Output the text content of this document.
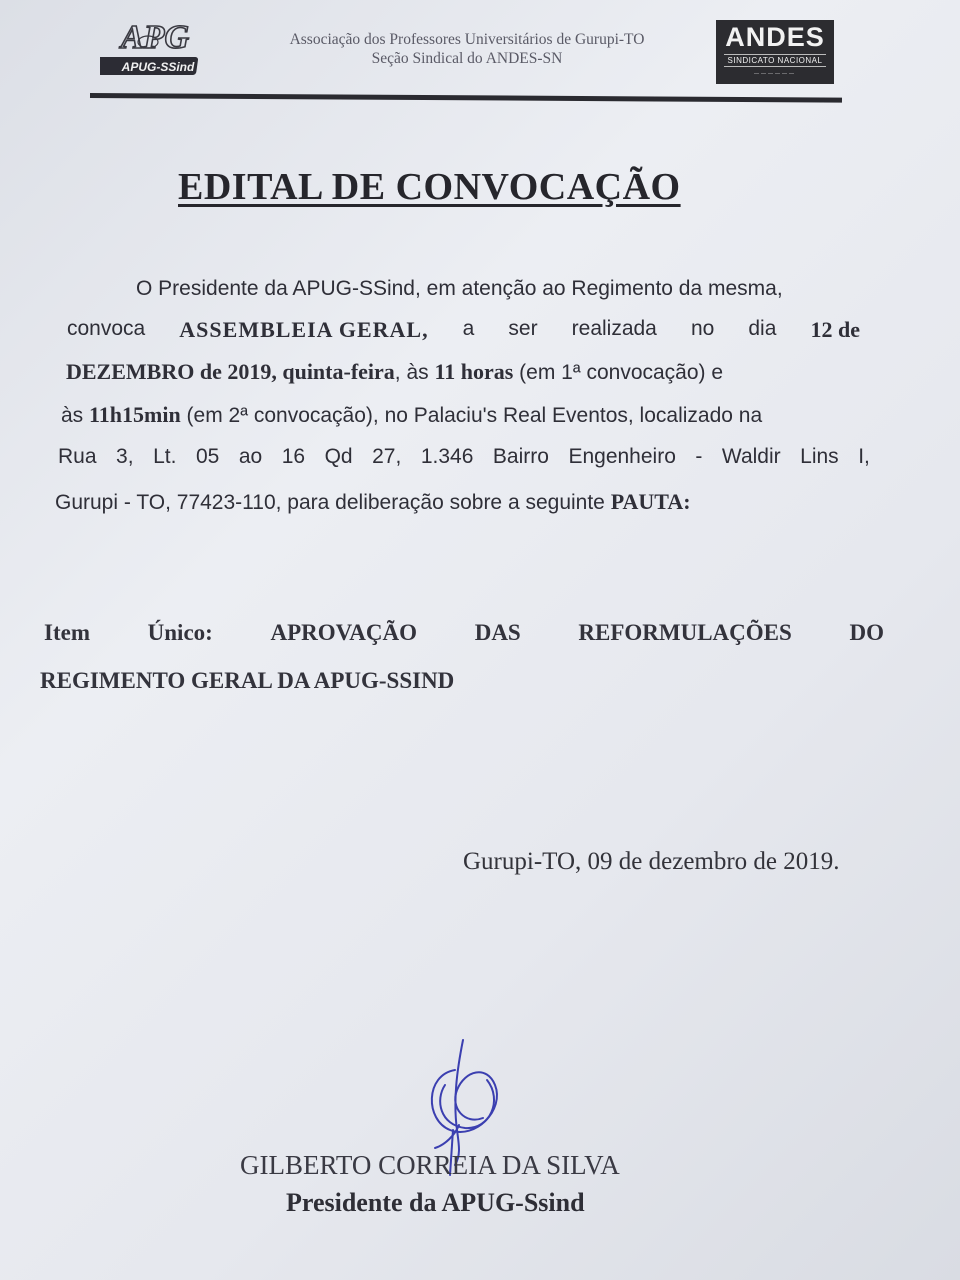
APG
APUG-SSind
Associação dos Professores Universitários de Gurupi-TO
Seção Sindical do ANDES-SN
ANDES
SINDICATO NACIONAL
——————
EDITAL DE CONVOCAÇÃO
O Presidente da APUG-SSind, em atenção ao Regimento da mesma,
convoca ASSEMBLEIA GERAL, a ser realizada no dia 12 de
DEZEMBRO de 2019, quinta-feira, às 11 horas (em 1ª convocação) e
às 11h15min (em 2ª convocação), no Palaciu's Real Eventos, localizado na
Rua 3, Lt. 05 ao 16 Qd 27, 1.346 Bairro Engenheiro - Waldir Lins I,
Gurupi - TO, 77423-110, para deliberação sobre a seguinte PAUTA:
Item	Único:	APROVAÇÃO	DAS	REFORMULAÇÕES	DO
REGIMENTO GERAL DA APUG-SSIND
Gurupi-TO, 09 de dezembro de 2019.
GILBERTO CORREIA DA SILVA
Presidente da APUG-Ssind
